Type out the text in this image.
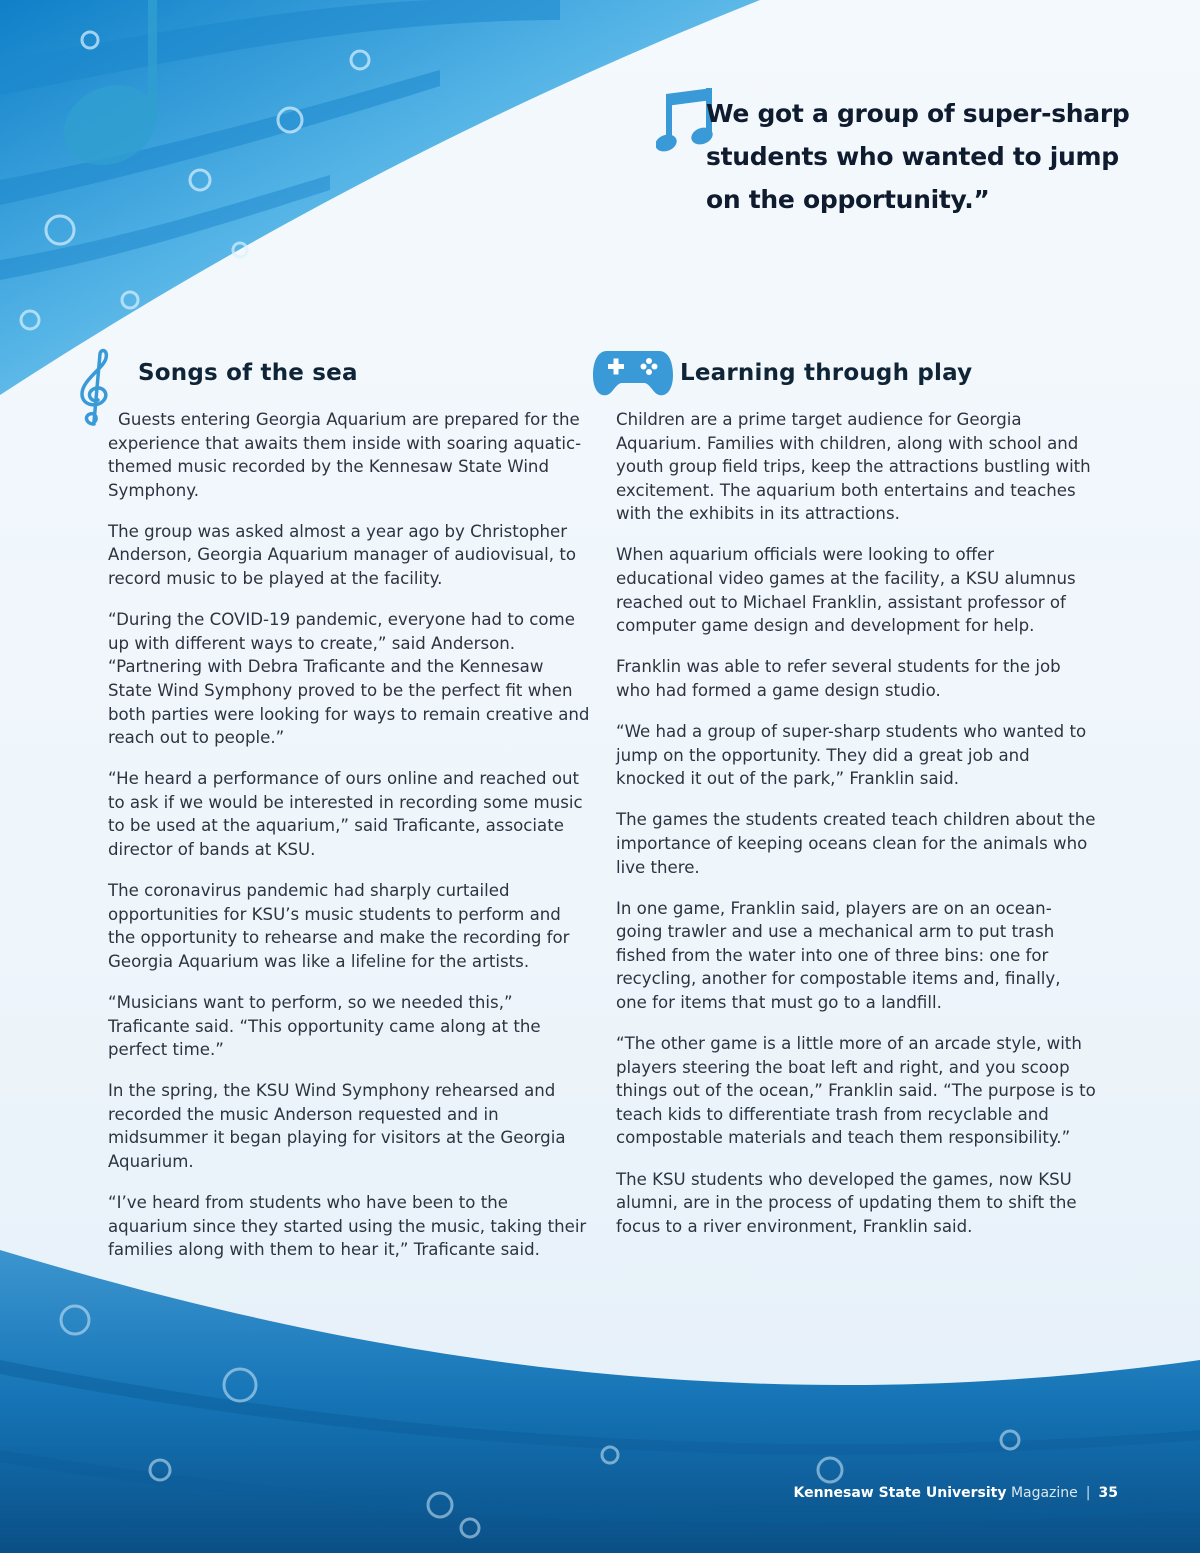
We got a group of super-sharp students who wanted to jump on the opportunity.”
Songs of the sea	Learning through play

Guests entering Georgia Aquarium are prepared for the experience that awaits them inside with soaring aquatic-themed music recorded by the Kennesaw State Wind Symphony.

The group was asked almost a year ago by Christopher Anderson, Georgia Aquarium manager of audiovisual, to record music to be played at the facility.

“During the COVID-19 pandemic, everyone had to come up with different ways to create,” said Anderson. “Partnering with Debra Traficante and the Kennesaw State Wind Symphony proved to be the perfect fit when both parties were looking for ways to remain creative and reach out to people.”

“He heard a performance of ours online and reached out to ask if we would be interested in recording some music to be used at the aquarium,” said Traficante, associate director of bands at KSU.

The coronavirus pandemic had sharply curtailed opportunities for KSU’s music students to perform and the opportunity to rehearse and make the recording for Georgia Aquarium was like a lifeline for the artists.

“Musicians want to perform, so we needed this,” Traficante said. “This opportunity came along at the perfect time.”

In the spring, the KSU Wind Symphony rehearsed and recorded the music Anderson requested and in midsummer it began playing for visitors at the Georgia Aquarium.

“I’ve heard from students who have been to the aquarium since they started using the music, taking their families along with them to hear it,” Traficante said.

Children are a prime target audience for Georgia Aquarium. Families with children, along with school and youth group field trips, keep the attractions bustling with excitement. The aquarium both entertains and teaches with the exhibits in its attractions.

When aquarium officials were looking to offer educational video games at the facility, a KSU alumnus reached out to Michael Franklin, assistant professor of computer game design and development for help.

Franklin was able to refer several students for the job who had formed a game design studio.

“We had a group of super-sharp students who wanted to jump on the opportunity. They did a great job and knocked it out of the park,” Franklin said.

The games the students created teach children about the importance of keeping oceans clean for the animals who live there.

In one game, Franklin said, players are on an ocean-going trawler and use a mechanical arm to put trash fished from the water into one of three bins: one for recycling, another for compostable items and, finally, one for items that must go to a landfill.

“The other game is a little more of an arcade style, with players steering the boat left and right, and you scoop things out of the ocean,” Franklin said. “The purpose is to teach kids to differentiate trash from recyclable and compostable materials and teach them responsibility.”

The KSU students who developed the games, now KSU alumni, are in the process of updating them to shift the focus to a river environment, Franklin said.

Kennesaw State University Magazine | 35
